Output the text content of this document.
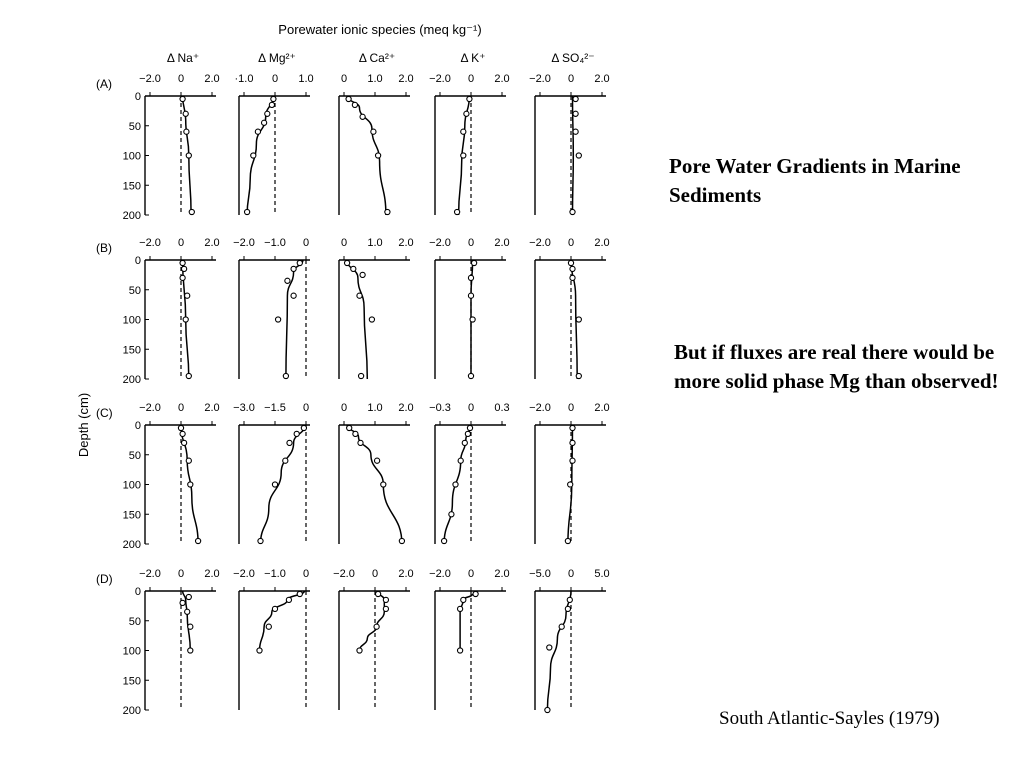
Porewater ionic species (meq kg⁻¹)
Depth (cm)
Δ Na⁺	Δ Mg²⁺	Δ Ca²⁺	Δ K⁺	Δ SO₄²⁻
(A)
0
50
100
150
200
−2.0 0 2.0 ·1.0 0 1.0 0 1.0 2.0 −2.0 0 2.0 −2.0 0 2.0
(B)
0
50
100
150
200
−2.0 0 2.0 −2.0 −1.0 0	0 1.0 2.0 −2.0 0 2.0 −2.0 0 2.0
(C)
0
50
100
150
200
−2.0 0 2.0 −3.0 −1.5 0	0 1.0 2.0 −0.3 0 0.3 −2.0 0 2.0
(D)
0
50
100
150
200
−2.0 0 2.0 −2.0 −1.0 0 −2.0 0 2.0 −2.0 0 2.0 −5.0 0 5.0

Pore Water Gradients in Marine Sediments

But if fluxes are real there would be more solid phase Mg than observed!

South Atlantic-Sayles (1979)
